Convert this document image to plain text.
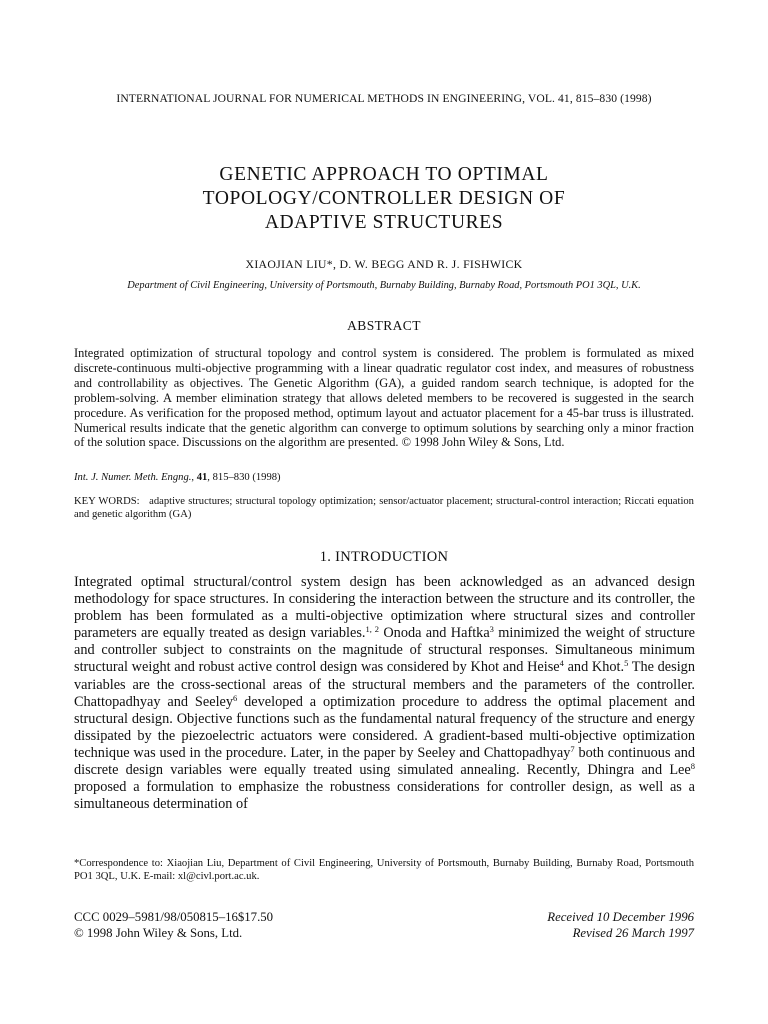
INTERNATIONAL JOURNAL FOR NUMERICAL METHODS IN ENGINEERING, VOL. 41, 815–830 (1998)
GENETIC APPROACH TO OPTIMAL
TOPOLOGY/CONTROLLER DESIGN OF
ADAPTIVE STRUCTURES
XIAOJIAN LIU*, D. W. BEGG AND R. J. FISHWICK
Department of Civil Engineering, University of Portsmouth, Burnaby Building, Burnaby Road, Portsmouth PO1 3QL, U.K.
ABSTRACT
Integrated optimization of structural topology and control system is considered. The problem is formulated as mixed discrete-continuous multi-objective programming with a linear quadratic regulator cost index, and measures of robustness and controllability as objectives. The Genetic Algorithm (GA), a guided random search technique, is adopted for the problem-solving. A member elimination strategy that allows deleted members to be recovered is suggested in the search procedure. As verification for the proposed method, optimum layout and actuator placement for a 45-bar truss is illustrated. Numerical results indicate that the genetic algorithm can converge to optimum solutions by searching only a minor fraction of the solution space. Discussions on the algorithm are presented. © 1998 John Wiley & Sons, Ltd.
Int. J. Numer. Meth. Engng., 41, 815–830 (1998)
KEY WORDS: adaptive structures; structural topology optimization; sensor/actuator placement; structural-control interaction; Riccati equation and genetic algorithm (GA)
1. INTRODUCTION
Integrated optimal structural/control system design has been acknowledged as an advanced design methodology for space structures. In considering the interaction between the structure and its controller, the problem has been formulated as a multi-objective optimization where structural sizes and controller parameters are equally treated as design variables.$^{1, 2}$ Onoda and Haftka$^3$ minimized the weight of structure and controller subject to constraints on the magnitude of structural responses. Simultaneous minimum structural weight and robust active control design was considered by Khot and Heise$^4$ and Khot.$^5$ The design variables are the cross-sectional areas of the structural members and the parameters of the controller. Chattopadhyay and Seeley$^6$ developed a optimization procedure to address the optimal placement and structural design. Objective functions such as the fundamental natural frequency of the structure and energy dissipated by the piezoelectric actuators were considered. A gradient-based multi-objective optimization technique was used in the procedure. Later, in the paper by Seeley and Chattopadhyay$^7$ both continuous and discrete design variables were equally treated using simulated annealing. Recently, Dhingra and Lee$^8$ proposed a formulation to emphasize the robustness considerations for controller design, as well as a simultaneous determination of
*Correspondence to: Xiaojian Liu, Department of Civil Engineering, University of Portsmouth, Burnaby Building, Burnaby Road, Portsmouth PO1 3QL, U.K. E-mail: xl@civl.port.ac.uk.
CCC 0029–5981/98/050815–16$17.50
© 1998 John Wiley & Sons, Ltd.
Received 10 December 1996
Revised 26 March 1997
